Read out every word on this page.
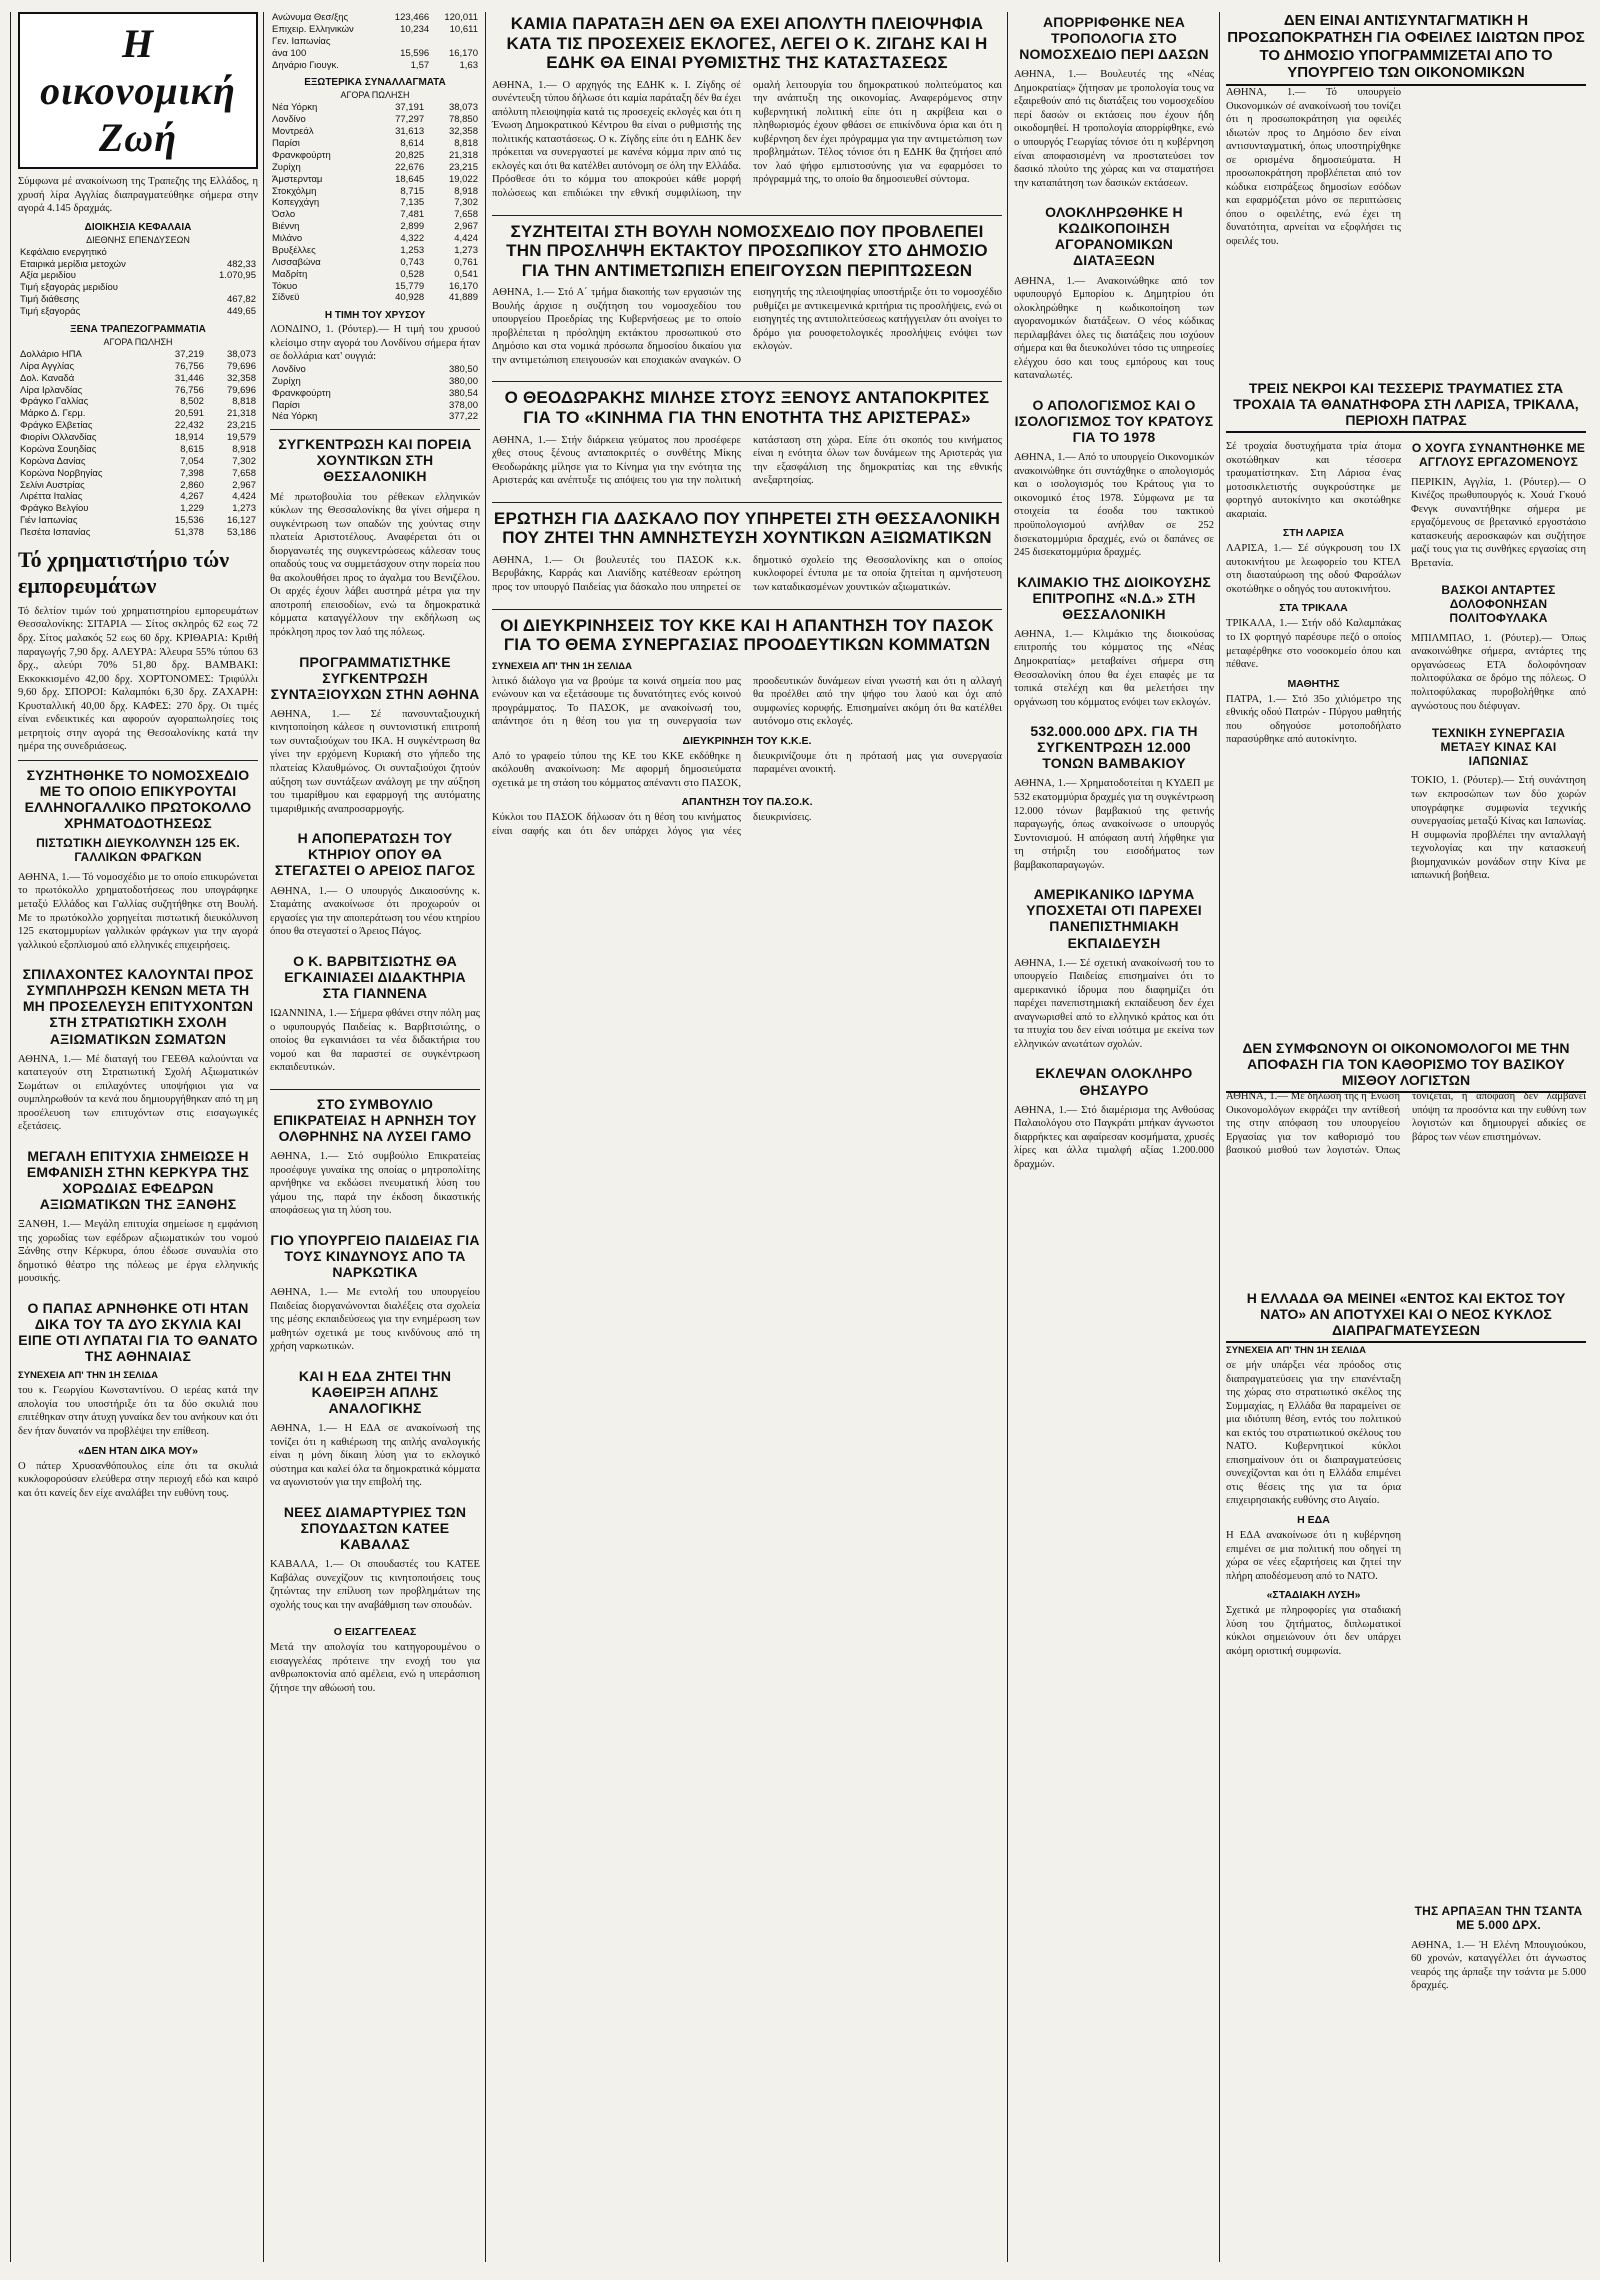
Η οικονομική Ζωή

Σύμφωνα μέ ανακοίνωση της Τραπεζης της Ελλάδος, η χρυσή λίρα Αγγλίας διαπραγματεύθηκε σήμερα στην αγορά 4.145 δραχμάς.

ΔΙΟΙΚΗΣΙΑ ΚΕΦΑΛΑΙΑ
ΔΙΕΘΝΗΣ ΕΠΕΝΔΥΣΕΩΝ
Κεφάλαιο ενεργητικό	
Εταιρικά μερίδια μετοχών	482,33
Αξία μεριδίου	1.070,95
Τιμή εξαγοράς μεριδίου	
Τιμή διάθεσης	467,82
Τιμή εξαγοράς	449,65
ΞΕΝΑ ΤΡΑΠΕΖΟΓΡΑΜΜΑΤΙΑ
ΑΓΟΡΑ ΠΩΛΗΣΗ
Δολλάριο ΗΠΑ	37,219	38,073
Λίρα Αγγλίας	76,756	79,696
Δολ. Καναδά	31,446	32,358
Λίρα Ιρλανδίας	76,756	79,696
Φράγκο Γαλλίας	8,502	8,818
Μάρκο Δ. Γερμ.	20,591	21,318
Φράγκο Ελβετίας	22,432	23,215
Φιορίνι Ολλανδίας	18,914	19,579
Κορώνα Σουηδίας	8,615	8,918
Κορώνα Δανίας	7,054	7,302
Κορώνα Νορβηγίας	7,398	7,658
Σελίνι Αυστρίας	2,860	2,967
Λιρέττα Ιταλίας	4,267	4,424
Φράγκο Βελγίου	1,229	1,273
Γιέν Ιαπωνίας	15,536	16,127
Πεσέτα Ισπανίας	51,378	53,186
Τό χρηματιστήριο τών εμπορευμάτων

Τό δελτίον τιμών τού χρηματιστηρίου εμπορευμάτων Θεσσαλονίκης: ΣΙΤΑΡΙΑ — Σίτος σκληρός 62 εως 72 δρχ. Σίτος μαλακός 52 εως 60 δρχ. ΚΡΙΘΑΡΙΑ: Κριθή παραγωγής 7,90 δρχ. ΑΛΕΥΡΑ: Άλευρα 55% τύπου 63 δρχ., αλεύρι 70% 51,80 δρχ. ΒΑΜΒΑΚΙ: Εκκοκκισμένο 42,00 δρχ. ΧΟΡΤΟΝΟΜΕΣ: Τριφύλλι 9,60 δρχ. ΣΠΟΡΟΙ: Καλαμπόκι 6,30 δρχ. ΖΑΧΑΡΗ: Κρυσταλλική 40,00 δρχ. ΚΑΦΕΣ: 270 δρχ. Οι τιμές είναι ενδεικτικές και αφορούν αγοραπωλησίες τοις μετρητοίς στην αγορά της Θεσσαλονίκης κατά την ημέρα της συνεδριάσεως.

ΣΥΖΗΤΗΘΗΚΕ ΤΟ ΝΟΜΟΣΧΕΔΙΟ ΜΕ ΤΟ ΟΠΟΙΟ ΕΠΙΚΥΡΟΥΤΑΙ ΕΛΛΗΝΟΓΑΛΛΙΚΟ ΠΡΩΤΟΚΟΛΛΟ ΧΡΗΜΑΤΟΔΟΤΗΣΕΩΣ
ΠΙΣΤΩΤΙΚΗ ΔΙΕΥΚΟΛΥΝΣΗ 125 ΕΚ. ΓΑΛΛΙΚΩΝ ΦΡΑΓΚΩΝ

ΑΘΗΝΑ, 1.— Τό νομοσχέδιο με το οποίο επικυρώνεται το πρωτόκολλο χρηματοδοτήσεως που υπογράφηκε μεταξύ Ελλάδος και Γαλλίας συζητήθηκε στη Βουλή. Με το πρωτόκολλο χορηγείται πιστωτική διευκόλυνση 125 εκατομμυρίων γαλλικών φράγκων για την αγορά γαλλικού εξοπλισμού από ελληνικές επιχειρήσεις.

ΣΠΙΛΑΧΟΝΤΕΣ ΚΑΛΟΥΝΤΑΙ ΠΡΟΣ ΣΥΜΠΛΗΡΩΣΗ ΚΕΝΩΝ ΜΕΤΑ ΤΗ ΜΗ ΠΡΟΣΕΛΕΥΣΗ ΕΠΙΤΥΧΟΝΤΩΝ ΣΤΗ ΣΤΡΑΤΙΩΤΙΚΗ ΣΧΟΛΗ ΑΞΙΩΜΑΤΙΚΩΝ ΣΩΜΑΤΩΝ

ΑΘΗΝΑ, 1.— Μέ διαταγή του ΓΕΕΘΑ καλούνται να κατατεγούν στη Στρατιωτική Σχολή Αξιωματικών Σωμάτων οι επιλαχόντες υποψήφιοι για να συμπληρωθούν τα κενά που δημιουργήθηκαν από τη μη προσέλευση των επιτυχόντων στις εισαγωγικές εξετάσεις.

ΜΕΓΑΛΗ ΕΠΙΤΥΧΙΑ ΣΗΜΕΙΩΣΕ Η ΕΜΦΑΝΙΣΗ ΣΤΗΝ ΚΕΡΚΥΡΑ ΤΗΣ ΧΟΡΩΔΙΑΣ ΕΦΕΔΡΩΝ ΑΞΙΩΜΑΤΙΚΩΝ ΤΗΣ ΞΑΝΘΗΣ

ΞΑΝΘΗ, 1.— Μεγάλη επιτυχία σημείωσε η εμφάνιση της χορωδίας των εφέδρων αξιωματικών του νομού Ξάνθης στην Κέρκυρα, όπου έδωσε συναυλία στο δημοτικό θέατρο της πόλεως με έργα ελληνικής μουσικής.

Ο ΠΑΠΑΣ ΑΡΝΗΘΗΚΕ ΟΤΙ ΗΤΑΝ ΔΙΚΑ ΤΟΥ ΤΑ ΔΥΟ ΣΚΥΛΙΑ ΚΑΙ ΕΙΠΕ ΟΤΙ ΛΥΠΑΤΑΙ ΓΙΑ ΤΟ ΘΑΝΑΤΟ ΤΗΣ ΑΘΗΝΑΙΑΣ
ΣΥΝΕΧΕΙΑ ΑΠ' ΤΗΝ 1Η ΣΕΛΙΔΑ

του κ. Γεωργίου Κωνσταντίνου. Ο ιερέας κατά την απολογία του υποστήριξε ότι τα δύο σκυλιά που επιτέθηκαν στην άτυχη γυναίκα δεν του ανήκουν και ότι δεν ήταν δυνατόν να προβλέψει την επίθεση.

«ΔΕΝ ΗΤΑΝ ΔΙΚΑ ΜΟΥ»

Ο πάτερ Χρυσανθόπουλος είπε ότι τα σκυλιά κυκλοφορούσαν ελεύθερα στην περιοχή εδώ και καιρό και ότι κανείς δεν είχε αναλάβει την ευθύνη τους.

Ανώνυμα Θεσ/ξης	123,466	120,011
Επιχειρ. Ελληνικών	10,234	10,611
Γεν. Ιαπωνίας		
άνα 100	15,596	16,170
Δηνάριο Γιουγκ.	1,57	1,63
ΕΞΩΤΕΡΙΚΑ ΣΥΝΑΛΛΑΓΜΑΤΑ
ΑΓΟΡΑ ΠΩΛΗΣΗ
Νέα Υόρκη	37,191	38,073
Λονδίνο	77,297	78,850
Μοντρεάλ	31,613	32,358
Παρίσι	8,614	8,818
Φρανκφούρτη	20,825	21,318
Ζυρίχη	22,676	23,215
Άμστερνταμ	18,645	19,022
Στοκχόλμη	8,715	8,918
Κοπεγχάγη	7,135	7,302
Όσλο	7,481	7,658
Βιέννη	2,899	2,967
Μιλάνο	4,322	4,424
Βρυξέλλες	1,253	1,273
Λισσαβώνα	0,743	0,761
Μαδρίτη	0,528	0,541
Τόκυο	15,779	16,170
Σίδνεϋ	40,928	41,889
Η ΤΙΜΗ ΤΟΥ ΧΡΥΣΟΥ

ΛΟΝΔΙΝΟ, 1. (Ρόυτερ).— Η τιμή του χρυσού κλείσιμο στην αγορά του Λονδίνου σήμερα ήταν σε δολλάρια κατ' ουγγιά:

Λονδίνο	380,50
Ζυρίχη	380,00
Φρανκφούρτη	380,54
Παρίσι	378,00
Νέα Υόρκη	377,22
ΣΥΓΚΕΝΤΡΩΣΗ ΚΑΙ ΠΟΡΕΙΑ ΧΟΥΝΤΙΚΩΝ ΣΤΗ ΘΕΣΣΑΛΟΝΙΚΗ

Μέ πρωτοβουλία του ρέθεκων ελληνικών κύκλων της Θεσσαλονίκης θα γίνει σήμερα η συγκέντρωση των οπαδών της χούντας στην πλατεία Αριστοτέλους. Αναφέρεται ότι οι διοργανωτές της συγκεντρώσεως κάλεσαν τους οπαδούς τους να συμμετάσχουν στην πορεία που θα ακολουθήσει προς το άγαλμα του Βενιζέλου. Οι αρχές έχουν λάβει αυστηρά μέτρα για την αποτροπή επεισοδίων, ενώ τα δημοκρατικά κόμματα καταγγέλλουν την εκδήλωση ως πρόκληση προς τον λαό της πόλεως.

ΠΡΟΓΡΑΜΜΑΤΙΣΤΗΚΕ ΣΥΓΚΕΝΤΡΩΣΗ ΣΥΝΤΑΞΙΟΥΧΩΝ ΣΤΗΝ ΑΘΗΝΑ

ΑΘΗΝΑ, 1.— Σέ πανσυνταξιουχική κινητοποίηση κάλεσε η συντονιστική επιτροπή των συνταξιούχων του ΙΚΑ. Η συγκέντρωση θα γίνει την ερχόμενη Κυριακή στο γήπεδο της πλατείας Κλαυθμώνος. Οι συνταξιούχοι ζητούν αύξηση των συντάξεων ανάλογη με την αύξηση του τιμαρίθμου και εφαρμογή της αυτόματης τιμαριθμικής αναπροσαρμογής.

Η ΑΠΟΠΕΡΑΤΩΣΗ ΤΟΥ ΚΤΗΡΙΟΥ ΟΠΟΥ ΘΑ ΣΤΕΓΑΣΤΕΙ Ο ΑΡΕΙΟΣ ΠΑΓΟΣ

ΑΘΗΝΑ, 1.— Ο υπουργός Δικαιοσύνης κ. Σταμάτης ανακοίνωσε ότι προχωρούν οι εργασίες για την αποπεράτωση του νέου κτηρίου όπου θα στεγαστεί ο Άρειος Πάγος.

Ο Κ. ΒΑΡΒΙΤΣΙΩΤΗΣ ΘΑ ΕΓΚΑΙΝΙΑΣΕΙ ΔΙΔΑΚΤΗΡΙΑ ΣΤΑ ΓΙΑΝΝΕΝΑ

ΙΩΑΝΝΙΝΑ, 1.— Σήμερα φθάνει στην πόλη μας ο υφυπουργός Παιδείας κ. Βαρβιτσιώτης, ο οποίος θα εγκαινιάσει τα νέα διδακτήρια του νομού και θα παραστεί σε συγκέντρωση εκπαιδευτικών.

ΣΤΟ ΣΥΜΒΟΥΛΙΟ ΕΠΙΚΡΑΤΕΙΑΣ Η ΑΡΝΗΣΗ ΤΟΥ ΟΛΘΡΗΝΗΣ ΝΑ ΛΥΣΕΙ ΓΑΜΟ

ΑΘΗΝΑ, 1.— Στό συμβούλιο Επικρατείας προσέφυγε γυναίκα της οποίας ο μητροπολίτης αρνήθηκε να εκδώσει πνευματική λύση του γάμου της, παρά την έκδοση δικαστικής αποφάσεως για τη λύση του.

ΓΙΟ ΥΠΟΥΡΓΕΙΟ ΠΑΙΔΕΙΑΣ ΓΙΑ ΤΟΥΣ ΚΙΝΔΥΝΟΥΣ ΑΠΟ ΤΑ ΝΑΡΚΩΤΙΚΑ

ΑΘΗΝΑ, 1.— Με εντολή του υπουργείου Παιδείας διοργανώνονται διαλέξεις στα σχολεία της μέσης εκπαιδεύσεως για την ενημέρωση των μαθητών σχετικά με τους κινδύνους από τη χρήση ναρκωτικών.

ΚΑΙ Η ΕΔΑ ΖΗΤΕΙ ΤΗΝ ΚΑΘΕΙΡΞΗ ΑΠΛΗΣ ΑΝΑΛΟΓΙΚΗΣ

ΑΘΗΝΑ, 1.— Η ΕΔΑ σε ανακοίνωσή της τονίζει ότι η καθιέρωση της απλής αναλογικής είναι η μόνη δίκαιη λύση για το εκλογικό σύστημα και καλεί όλα τα δημοκρατικά κόμματα να αγωνιστούν για την επιβολή της.

ΝΕΕΣ ΔΙΑΜΑΡΤΥΡΙΕΣ ΤΩΝ ΣΠΟΥΔΑΣΤΩΝ ΚΑΤΕΕ ΚΑΒΑΛΑΣ

ΚΑΒΑΛΑ, 1.— Οι σπουδαστές του ΚΑΤΕΕ Καβάλας συνεχίζουν τις κινητοποιήσεις τους ζητώντας την επίλυση των προβλημάτων της σχολής τους και την αναβάθμιση των σπουδών.

Ο ΕΙΣΑΓΓΕΛΕΑΣ

Μετά την απολογία του κατηγορουμένου ο εισαγγελέας πρότεινε την ενοχή του για ανθρωποκτονία από αμέλεια, ενώ η υπεράσπιση ζήτησε την αθώωσή του.

ΚΑΜΙΑ ΠΑΡΑΤΑΞΗ ΔΕΝ ΘΑ ΕΧΕΙ ΑΠΟΛΥΤΗ ΠΛΕΙΟΨΗΦΙΑ ΚΑΤΑ ΤΙΣ ΠΡΟΣΕΧΕΙΣ ΕΚΛΟΓΕΣ, ΛΕΓΕΙ Ο Κ. ΖΙΓΔΗΣ ΚΑΙ Η ΕΔΗΚ ΘΑ ΕΙΝΑΙ ΡΥΘΜΙΣΤΗΣ ΤΗΣ ΚΑΤΑΣΤΑΣΕΩΣ

ΑΘΗΝΑ, 1.— Ο αρχηγός της ΕΔΗΚ κ. Ι. Ζίγδης σέ συνέντευξη τύπου δήλωσε ότι καμία παράταξη δέν θα έχει απόλυτη πλειοψηφία κατά τις προσεχείς εκλογές και ότι η Ένωση Δημοκρατικού Κέντρου θα είναι ο ρυθμιστής της πολιτικής καταστάσεως. Ο κ. Ζίγδης είπε ότι η ΕΔΗΚ δεν πρόκειται να συνεργαστεί με κανένα κόμμα πριν από τις εκλογές και ότι θα κατέλθει αυτόνομη σε όλη την Ελλάδα. Πρόσθεσε ότι το κόμμα του αποκρούει κάθε μορφή πολώσεως και επιδιώκει την εθνική συμφιλίωση, την ομαλή λειτουργία του δημοκρατικού πολιτεύματος και την ανάπτυξη της οικονομίας. Αναφερόμενος στην κυβερνητική πολιτική είπε ότι η ακρίβεια και ο πληθωρισμός έχουν φθάσει σε επικίνδυνα όρια και ότι η κυβέρνηση δεν έχει πρόγραμμα για την αντιμετώπιση των προβλημάτων. Τέλος τόνισε ότι η ΕΔΗΚ θα ζητήσει από τον λαό ψήφο εμπιστοσύνης για να εφαρμόσει το πρόγραμμά της, το οποίο θα δημοσιευθεί σύντομα.

ΣΥΖΗΤΕΙΤΑΙ ΣΤΗ ΒΟΥΛΗ ΝΟΜΟΣΧΕΔΙΟ ΠΟΥ ΠΡΟΒΛΕΠΕΙ ΤΗΝ ΠΡΟΣΛΗΨΗ ΕΚΤΑΚΤΟΥ ΠΡΟΣΩΠΙΚΟΥ ΣΤΟ ΔΗΜΟΣΙΟ ΓΙΑ ΤΗΝ ΑΝΤΙΜΕΤΩΠΙΣΗ ΕΠΕΙΓΟΥΣΩΝ ΠΕΡΙΠΤΩΣΕΩΝ

ΑΘΗΝΑ, 1.— Στό Α΄ τμήμα διακοπής των εργασιών της Βουλής άρχισε η συζήτηση του νομοσχεδίου του υπουργείου Προεδρίας της Κυβερνήσεως με το οποίο προβλέπεται η πρόσληψη εκτάκτου προσωπικού στο Δημόσιο και στα νομικά πρόσωπα δημοσίου δικαίου για την αντιμετώπιση επειγουσών και εποχιακών αναγκών. Ο εισηγητής της πλειοψηφίας υποστήριξε ότι το νομοσχέδιο ρυθμίζει με αντικειμενικά κριτήρια τις προσλήψεις, ενώ οι εισηγητές της αντιπολιτεύσεως κατήγγειλαν ότι ανοίγει το δρόμο για ρουσφετολογικές προσλήψεις ενόψει των εκλογών.

Ο ΘΕΟΔΩΡΑΚΗΣ ΜΙΛΗΣΕ ΣΤΟΥΣ ΞΕΝΟΥΣ ΑΝΤΑΠΟΚΡΙΤΕΣ ΓΙΑ ΤΟ «ΚΙΝΗΜΑ ΓΙΑ ΤΗΝ ΕΝΟΤΗΤΑ ΤΗΣ ΑΡΙΣΤΕΡΑΣ»

ΑΘΗΝΑ, 1.— Στήν διάρκεια γεύματος που προσέφερε χθες στους ξένους ανταποκριτές ο συνθέτης Μίκης Θεοδωράκης μίλησε για το Κίνημα για την ενότητα της Αριστεράς και ανέπτυξε τις απόψεις του για την πολιτική κατάσταση στη χώρα. Είπε ότι σκοπός του κινήματος είναι η ενότητα όλων των δυνάμεων της Αριστεράς για την εξασφάλιση της δημοκρατίας και της εθνικής ανεξαρτησίας.

ΕΡΩΤΗΣΗ ΓΙΑ ΔΑΣΚΑΛΟ ΠΟΥ ΥΠΗΡΕΤΕΙ ΣΤΗ ΘΕΣΣΑΛΟΝΙΚΗ ΠΟΥ ΖΗΤΕΙ ΤΗΝ ΑΜΝΗΣΤΕΥΣΗ ΧΟΥΝΤΙΚΩΝ ΑΞΙΩΜΑΤΙΚΩΝ

ΑΘΗΝΑ, 1.— Οι βουλευτές του ΠΑΣΟΚ κ.κ. Βερυβάκης, Καρράς και Λιανίδης κατέθεσαν ερώτηση προς τον υπουργό Παιδείας για δάσκαλο που υπηρετεί σε δημοτικό σχολείο της Θεσσαλονίκης και ο οποίος κυκλοφορεί έντυπα με τα οποία ζητείται η αμνήστευση των καταδικασμένων χουντικών αξιωματικών.

ΟΙ ΔΙΕΥΚΡΙΝΗΣΕΙΣ ΤΟΥ ΚΚΕ ΚΑΙ Η ΑΠΑΝΤΗΣΗ ΤΟΥ ΠΑΣΟΚ ΓΙΑ ΤΟ ΘΕΜΑ ΣΥΝΕΡΓΑΣΙΑΣ ΠΡΟΟΔΕΥΤΙΚΩΝ ΚΟΜΜΑΤΩΝ
ΣΥΝΕΧΕΙΑ ΑΠ' ΤΗΝ 1Η ΣΕΛΙΔΑ

λιτικό διάλογο για να βρούμε τα κοινά σημεία που μας ενώνουν και να εξετάσουμε τις δυνατότητες ενός κοινού προγράμματος. Το ΠΑΣΟΚ, με ανακοίνωσή του, απάντησε ότι η θέση του για τη συνεργασία των προοδευτικών δυνάμεων είναι γνωστή και ότι η αλλαγή θα προέλθει από την ψήφο του λαού και όχι από συμφωνίες κορυφής. Επισημαίνει ακόμη ότι θα κατέλθει αυτόνομο στις εκλογές.

ΔΙΕΥΚΡΙΝΗΣΗ ΤΟΥ Κ.Κ.Ε.

Από το γραφείο τύπου της ΚΕ του ΚΚΕ εκδόθηκε η ακόλουθη ανακοίνωση: Με αφορμή δημοσιεύματα σχετικά με τη στάση του κόμματος απέναντι στο ΠΑΣΟΚ, διευκρινίζουμε ότι η πρότασή μας για συνεργασία παραμένει ανοικτή.

ΑΠΑΝΤΗΣΗ ΤΟΥ ΠΑ.ΣΟ.Κ.

Κύκλοι του ΠΑΣΟΚ δήλωσαν ότι η θέση του κινήματος είναι σαφής και ότι δεν υπάρχει λόγος για νέες διευκρινίσεις.

ΑΠΟΡΡΙΦΘΗΚΕ ΝΕΑ ΤΡΟΠΟΛΟΓΙΑ ΣΤΟ ΝΟΜΟΣΧΕΔΙΟ ΠΕΡΙ ΔΑΣΩΝ

ΑΘΗΝΑ, 1.— Βουλευτές της «Νέας Δημοκρατίας» ζήτησαν με τροπολογία τους να εξαιρεθούν από τις διατάξεις του νομοσχεδίου περί δασών οι εκτάσεις που έχουν ήδη οικοδομηθεί. Η τροπολογία απορρίφθηκε, ενώ ο υπουργός Γεωργίας τόνισε ότι η κυβέρνηση είναι αποφασισμένη να προστατεύσει τον δασικό πλούτο της χώρας και να σταματήσει την καταπάτηση των δασικών εκτάσεων.

ΟΛΟΚΛΗΡΩΘΗΚΕ Η ΚΩΔΙΚΟΠΟΙΗΣΗ ΑΓΟΡΑΝΟΜΙΚΩΝ ΔΙΑΤΑΞΕΩΝ

ΑΘΗΝΑ, 1.— Ανακοινώθηκε από τον υφυπουργό Εμπορίου κ. Δημητρίου ότι ολοκληρώθηκε η κωδικοποίηση των αγορανομικών διατάξεων. Ο νέος κώδικας περιλαμβάνει όλες τις διατάξεις που ισχύουν σήμερα και θα διευκολύνει τόσο τις υπηρεσίες ελέγχου όσο και τους εμπόρους και τους καταναλωτές.

Ο ΑΠΟΛΟΓΙΣΜΟΣ ΚΑΙ Ο ΙΣΟΛΟΓΙΣΜΟΣ ΤΟΥ ΚΡΑΤΟΥΣ ΓΙΑ ΤΟ 1978

ΑΘΗΝΑ, 1.— Από το υπουργείο Οικονομικών ανακοινώθηκε ότι συντάχθηκε ο απολογισμός και ο ισολογισμός του Κράτους για το οικονομικό έτος 1978. Σύμφωνα με τα στοιχεία τα έσοδα του τακτικού προϋπολογισμού ανήλθαν σε 252 δισεκατομμύρια δραχμές, ενώ οι δαπάνες σε 245 δισεκατομμύρια δραχμές.

ΚΛΙΜΑΚΙΟ ΤΗΣ ΔΙΟΙΚΟΥΣΗΣ ΕΠΙΤΡΟΠΗΣ «Ν.Δ.» ΣΤΗ ΘΕΣΣΑΛΟΝΙΚΗ

ΑΘΗΝΑ, 1.— Κλιμάκιο της διοικούσας επιτροπής του κόμματος της «Νέας Δημοκρατίας» μεταβαίνει σήμερα στη Θεσσαλονίκη όπου θα έχει επαφές με τα τοπικά στελέχη και θα μελετήσει την οργάνωση του κόμματος ενόψει των εκλογών.

532.000.000 ΔΡΧ. ΓΙΑ ΤΗ ΣΥΓΚΕΝΤΡΩΣΗ 12.000 ΤΟΝΩΝ ΒΑΜΒΑΚΙΟΥ

ΑΘΗΝΑ, 1.— Χρηματοδοτείται η ΚΥΔΕΠ με 532 εκατομμύρια δραχμές για τη συγκέντρωση 12.000 τόνων βαμβακιού της φετινής παραγωγής, όπως ανακοίνωσε ο υπουργός Συντονισμού. Η απόφαση αυτή λήφθηκε για τη στήριξη του εισοδήματος των βαμβακοπαραγωγών.

ΑΜΕΡΙΚΑΝΙΚΟ ΙΔΡΥΜΑ ΥΠΟΣΧΕΤΑΙ ΟΤΙ ΠΑΡΕΧΕΙ ΠΑΝΕΠΙΣΤΗΜΙΑΚΗ ΕΚΠΑΙΔΕΥΣΗ

ΑΘΗΝΑ, 1.— Σέ σχετική ανακοίνωσή του το υπουργείο Παιδείας επισημαίνει ότι το αμερικανικό ίδρυμα που διαφημίζει ότι παρέχει πανεπιστημιακή εκπαίδευση δεν έχει αναγνωρισθεί από το ελληνικό κράτος και ότι τα πτυχία του δεν είναι ισότιμα με εκείνα των ελληνικών ανωτάτων σχολών.

ΕΚΛΕΨΑΝ ΟΛΟΚΛΗΡΟ ΘΗΣΑΥΡΟ

ΑΘΗΝΑ, 1.— Στό διαμέρισμα της Ανθούσας Παλαιολόγου στο Παγκράτι μπήκαν άγνωστοι διαρρήκτες και αφαίρεσαν κοσμήματα, χρυσές λίρες και άλλα τιμαλφή αξίας 1.200.000 δραχμών.

ΔΕΝ ΕΙΝΑΙ ΑΝΤΙΣΥΝΤΑΓΜΑΤΙΚΗ Η ΠΡΟΣΩΠΟΚΡΑΤΗΣΗ ΓΙΑ ΟΦΕΙΛΕΣ ΙΔΙΩΤΩΝ ΠΡΟΣ ΤΟ ΔΗΜΟΣΙΟ ΥΠΟΓΡΑΜΜΙΖΕΤΑΙ ΑΠΟ ΤΟ ΥΠΟΥΡΓΕΙΟ ΤΩΝ ΟΙΚΟΝΟΜΙΚΩΝ

ΑΘΗΝΑ, 1.— Τό υπουργείο Οικονομικών σέ ανακοίνωσή του τονίζει ότι η προσωποκράτηση για οφειλές ιδιωτών προς το Δημόσιο δεν είναι αντισυνταγματική, όπως υποστηρίχθηκε σε ορισμένα δημοσιεύματα. Η προσωποκράτηση προβλέπεται από τον κώδικα εισπράξεως δημοσίων εσόδων και εφαρμόζεται μόνο σε περιπτώσεις όπου ο οφειλέτης, ενώ έχει τη δυνατότητα, αρνείται να εξοφλήσει τις οφειλές του.

ΤΡΕΙΣ ΝΕΚΡΟΙ ΚΑΙ ΤΕΣΣΕΡΙΣ ΤΡΑΥΜΑΤΙΕΣ ΣΤΑ ΤΡΟΧΑΙΑ ΤΑ ΘΑΝΑΤΗΦΟΡΑ ΣΤΗ ΛΑΡΙΣΑ, ΤΡΙΚΑΛΑ, ΠΕΡΙΟΧΗ ΠΑΤΡΑΣ

Σέ τροχαία δυστυχήματα τρία άτομα σκοτώθηκαν και τέσσερα τραυματίστηκαν. Στη Λάρισα ένας μοτοσικλετιστής συγκρούστηκε με φορτηγό αυτοκίνητο και σκοτώθηκε ακαριαία.

ΣΤΗ ΛΑΡΙΣΑ

ΛΑΡΙΣΑ, 1.— Σέ σύγκρουση του ΙΧ αυτοκινήτου με λεωφορείο του ΚΤΕΛ στη διασταύρωση της οδού Φαρσάλων σκοτώθηκε ο οδηγός του αυτοκινήτου.

ΣΤΑ ΤΡΙΚΑΛΑ

ΤΡΙΚΑΛΑ, 1.— Στήν οδό Καλαμπάκας το ΙΧ φορτηγό παρέσυρε πεζό ο οποίος μεταφέρθηκε στο νοσοκομείο όπου και πέθανε.

ΜΑΘΗΤΗΣ

ΠΑΤΡΑ, 1.— Στό 35ο χιλιόμετρο της εθνικής οδού Πατρών - Πύργου μαθητής που οδηγούσε μοτοποδήλατο παρασύρθηκε από αυτοκίνητο.

Ο ΧΟΥΓΑ ΣΥΝΑΝΤΗΘΗΚΕ ΜΕ ΑΓΓΛΟΥΣ ΕΡΓΑΖΟΜΕΝΟΥΣ

ΠΕΡΙΚΙΝ, Αγγλία, 1. (Ρόυτερ).— Ο Κινέζος πρωθυπουργός κ. Χουά Γκουό Φενγκ συναντήθηκε σήμερα με εργαζόμενους σε βρετανικό εργοστάσιο κατασκευής αεροσκαφών και συζήτησε μαζί τους για τις συνθήκες εργασίας στη Βρετανία.

ΒΑΣΚΟΙ ΑΝΤΑΡΤΕΣ ΔΟΛΟΦΟΝΗΣΑΝ ΠΟΛΙΤΟΦΥΛΑΚΑ

ΜΠΙΛΜΠΑΟ, 1. (Ρόυτερ).— Όπως ανακοινώθηκε σήμερα, αντάρτες της οργανώσεως ΕΤΑ δολοφόνησαν πολιτοφύλακα σε δρόμο της πόλεως. Ο πολιτοφύλακας πυροβολήθηκε από αγνώστους που διέφυγαν.

ΤΕΧΝΙΚΗ ΣΥΝΕΡΓΑΣΙΑ ΜΕΤΑΞΥ ΚΙΝΑΣ ΚΑΙ ΙΑΠΩΝΙΑΣ

ΤΟΚΙΟ, 1. (Ρόυτερ).— Στή συνάντηση των εκπροσώπων των δύο χωρών υπογράφηκε συμφωνία τεχνικής συνεργασίας μεταξύ Κίνας και Ιαπωνίας. Η συμφωνία προβλέπει την ανταλλαγή τεχνολογίας και την κατασκευή βιομηχανικών μονάδων στην Κίνα με ιαπωνική βοήθεια.

ΔΕΝ ΣΥΜΦΩΝΟΥΝ ΟΙ ΟΙΚΟΝΟΜΟΛΟΓΟΙ ΜΕ ΤΗΝ ΑΠΟΦΑΣΗ ΓΙΑ ΤΟΝ ΚΑΘΟΡΙΣΜΟ ΤΟΥ ΒΑΣΙΚΟΥ ΜΙΣΘΟΥ ΛΟΓΙΣΤΩΝ

ΑΘΗΝΑ, 1.— Μέ δήλωσή της η Ένωση Οικονομολόγων εκφράζει την αντίθεσή της στην απόφαση του υπουργείου Εργασίας για τον καθορισμό του βασικού μισθού των λογιστών. Όπως τονίζεται, η απόφαση δεν λαμβάνει υπόψη τα προσόντα και την ευθύνη των λογιστών και δημιουργεί αδικίες σε βάρος των νέων επιστημόνων.

Η ΕΛΛΑΔΑ ΘΑ ΜΕΙΝΕΙ «ΕΝΤΟΣ ΚΑΙ ΕΚΤΟΣ ΤΟΥ ΝΑΤΟ» ΑΝ ΑΠΟΤΥΧΕΙ ΚΑΙ Ο ΝΕΟΣ ΚΥΚΛΟΣ ΔΙΑΠΡΑΓΜΑΤΕΥΣΕΩΝ
ΣΥΝΕΧΕΙΑ ΑΠ' ΤΗΝ 1Η ΣΕΛΙΔΑ

σε μήν υπάρξει νέα πρόοδος στις διαπραγματεύσεις για την επανένταξη της χώρας στο στρατιωτικό σκέλος της Συμμαχίας, η Ελλάδα θα παραμείνει σε μια ιδιότυπη θέση, εντός του πολιτικού και εκτός του στρατιωτικού σκέλους του ΝΑΤΟ. Κυβερνητικοί κύκλοι επισημαίνουν ότι οι διαπραγματεύσεις συνεχίζονται και ότι η Ελλάδα επιμένει στις θέσεις της για τα όρια επιχειρησιακής ευθύνης στο Αιγαίο.

Η ΕΔΑ

Η ΕΔΑ ανακοίνωσε ότι η κυβέρνηση επιμένει σε μια πολιτική που οδηγεί τη χώρα σε νέες εξαρτήσεις και ζητεί την πλήρη αποδέσμευση από το ΝΑΤΟ.

«ΣΤΑΔΙΑΚΗ ΛΥΣΗ»

Σχετικά με πληροφορίες για σταδιακή λύση του ζητήματος, διπλωματικοί κύκλοι σημειώνουν ότι δεν υπάρχει ακόμη οριστική συμφωνία.

ΤΗΣ ΑΡΠΑΞΑΝ ΤΗΝ ΤΣΑΝΤΑ ΜΕ 5.000 ΔΡΧ.

ΑΘΗΝΑ, 1.— Ή Ελένη Μπουγιούκου, 60 χρονών, καταγγέλλει ότι άγνωστος νεαρός της άρπαξε την τσάντα με 5.000 δραχμές.
